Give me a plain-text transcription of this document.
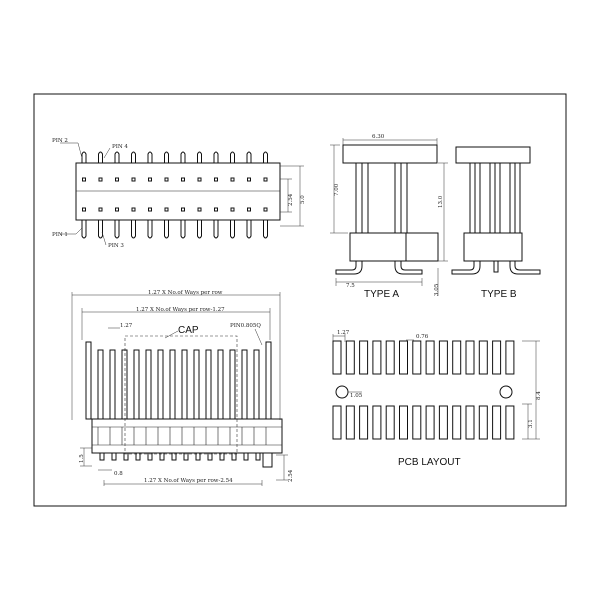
PIN 2
PIN 4
PIN 1
PIN 3
2.54 5.0
6.30
7.00
13.0
7.5	3.05
TYPE A	TYPE B
1.27 X No.of Ways per row
1.27 X No.of Ways per row-1.27
1.27	CAP	PIN0.805Q
1.5
0.8
1.27 X No.of Ways per row-2.54	2.54
1.27
0.76
1.05	8.4
3.1
PCB LAYOUT
